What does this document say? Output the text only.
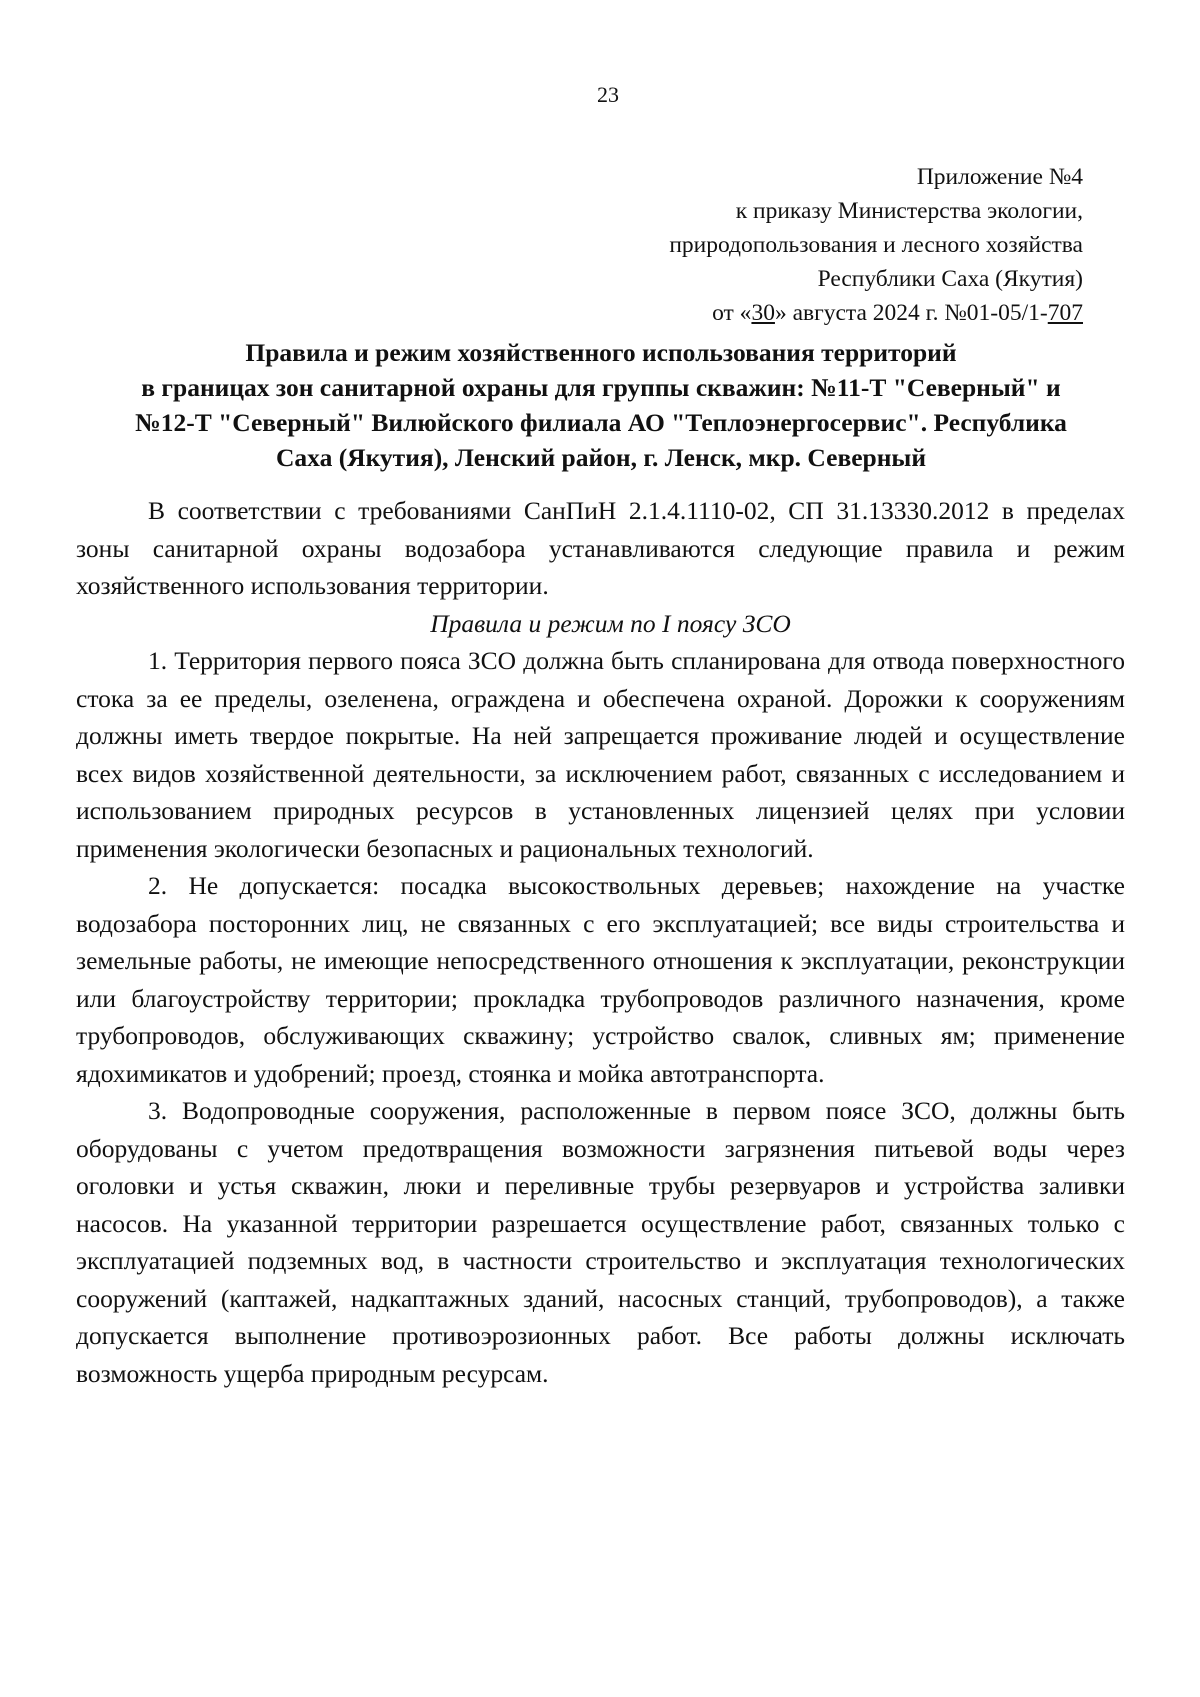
23
Приложение №4
к приказу Министерства экологии,
природопользования и лесного хозяйства
Республики Саха (Якутия)
от «30» августа 2024 г. №01-05/1-707
Правила и режим хозяйственного использования территорий
в границах зон санитарной охраны для группы скважин: №11-Т "Северный" и
№12-Т "Северный" Вилюйского филиала АО "Теплоэнергосервис". Республика
Саха (Якутия), Ленский район, г. Ленск, мкр. Северный

В соответствии с требованиями СанПиН 2.1.4.1110-02, СП 31.13330.2012 в пределах зоны санитарной охраны водозабора устанавливаются следующие правила и режим хозяйственного использования территории.

Правила и режим по I поясу ЗСО

1. Территория первого пояса ЗСО должна быть спланирована для отвода поверхностного стока за ее пределы, озеленена, ограждена и обеспечена охраной. Дорожки к сооружениям должны иметь твердое покрытые. На ней запрещается проживание людей и осуществление всех видов хозяйственной деятельности, за исключением работ, связанных с исследованием и использованием природных ресурсов в установленных лицензией целях при условии применения экологически безопасных и рациональных технологий.

2. Не допускается: посадка высокоствольных деревьев; нахождение на участке водозабора посторонних лиц, не связанных с его эксплуатацией; все виды строительства и земельные работы, не имеющие непосредственного отношения к эксплуатации, реконструкции или благоустройству территории; прокладка трубопроводов различного назначения, кроме трубопроводов, обслуживающих скважину; устройство свалок, сливных ям; применение ядохимикатов и удобрений; проезд, стоянка и мойка автотранспорта.

3. Водопроводные сооружения, расположенные в первом поясе ЗСО, должны быть оборудованы с учетом предотвращения возможности загрязнения питьевой воды через оголовки и устья скважин, люки и переливные трубы резервуаров и устройства заливки насосов. На указанной территории разрешается осуществление работ, связанных только с эксплуатацией подземных вод, в частности строительство и эксплуатация технологических сооружений (каптажей, надкаптажных зданий, насосных станций, трубопроводов), а также допускается выполнение противоэрозионных работ. Все работы должны исключать возможность ущерба природным ресурсам.
